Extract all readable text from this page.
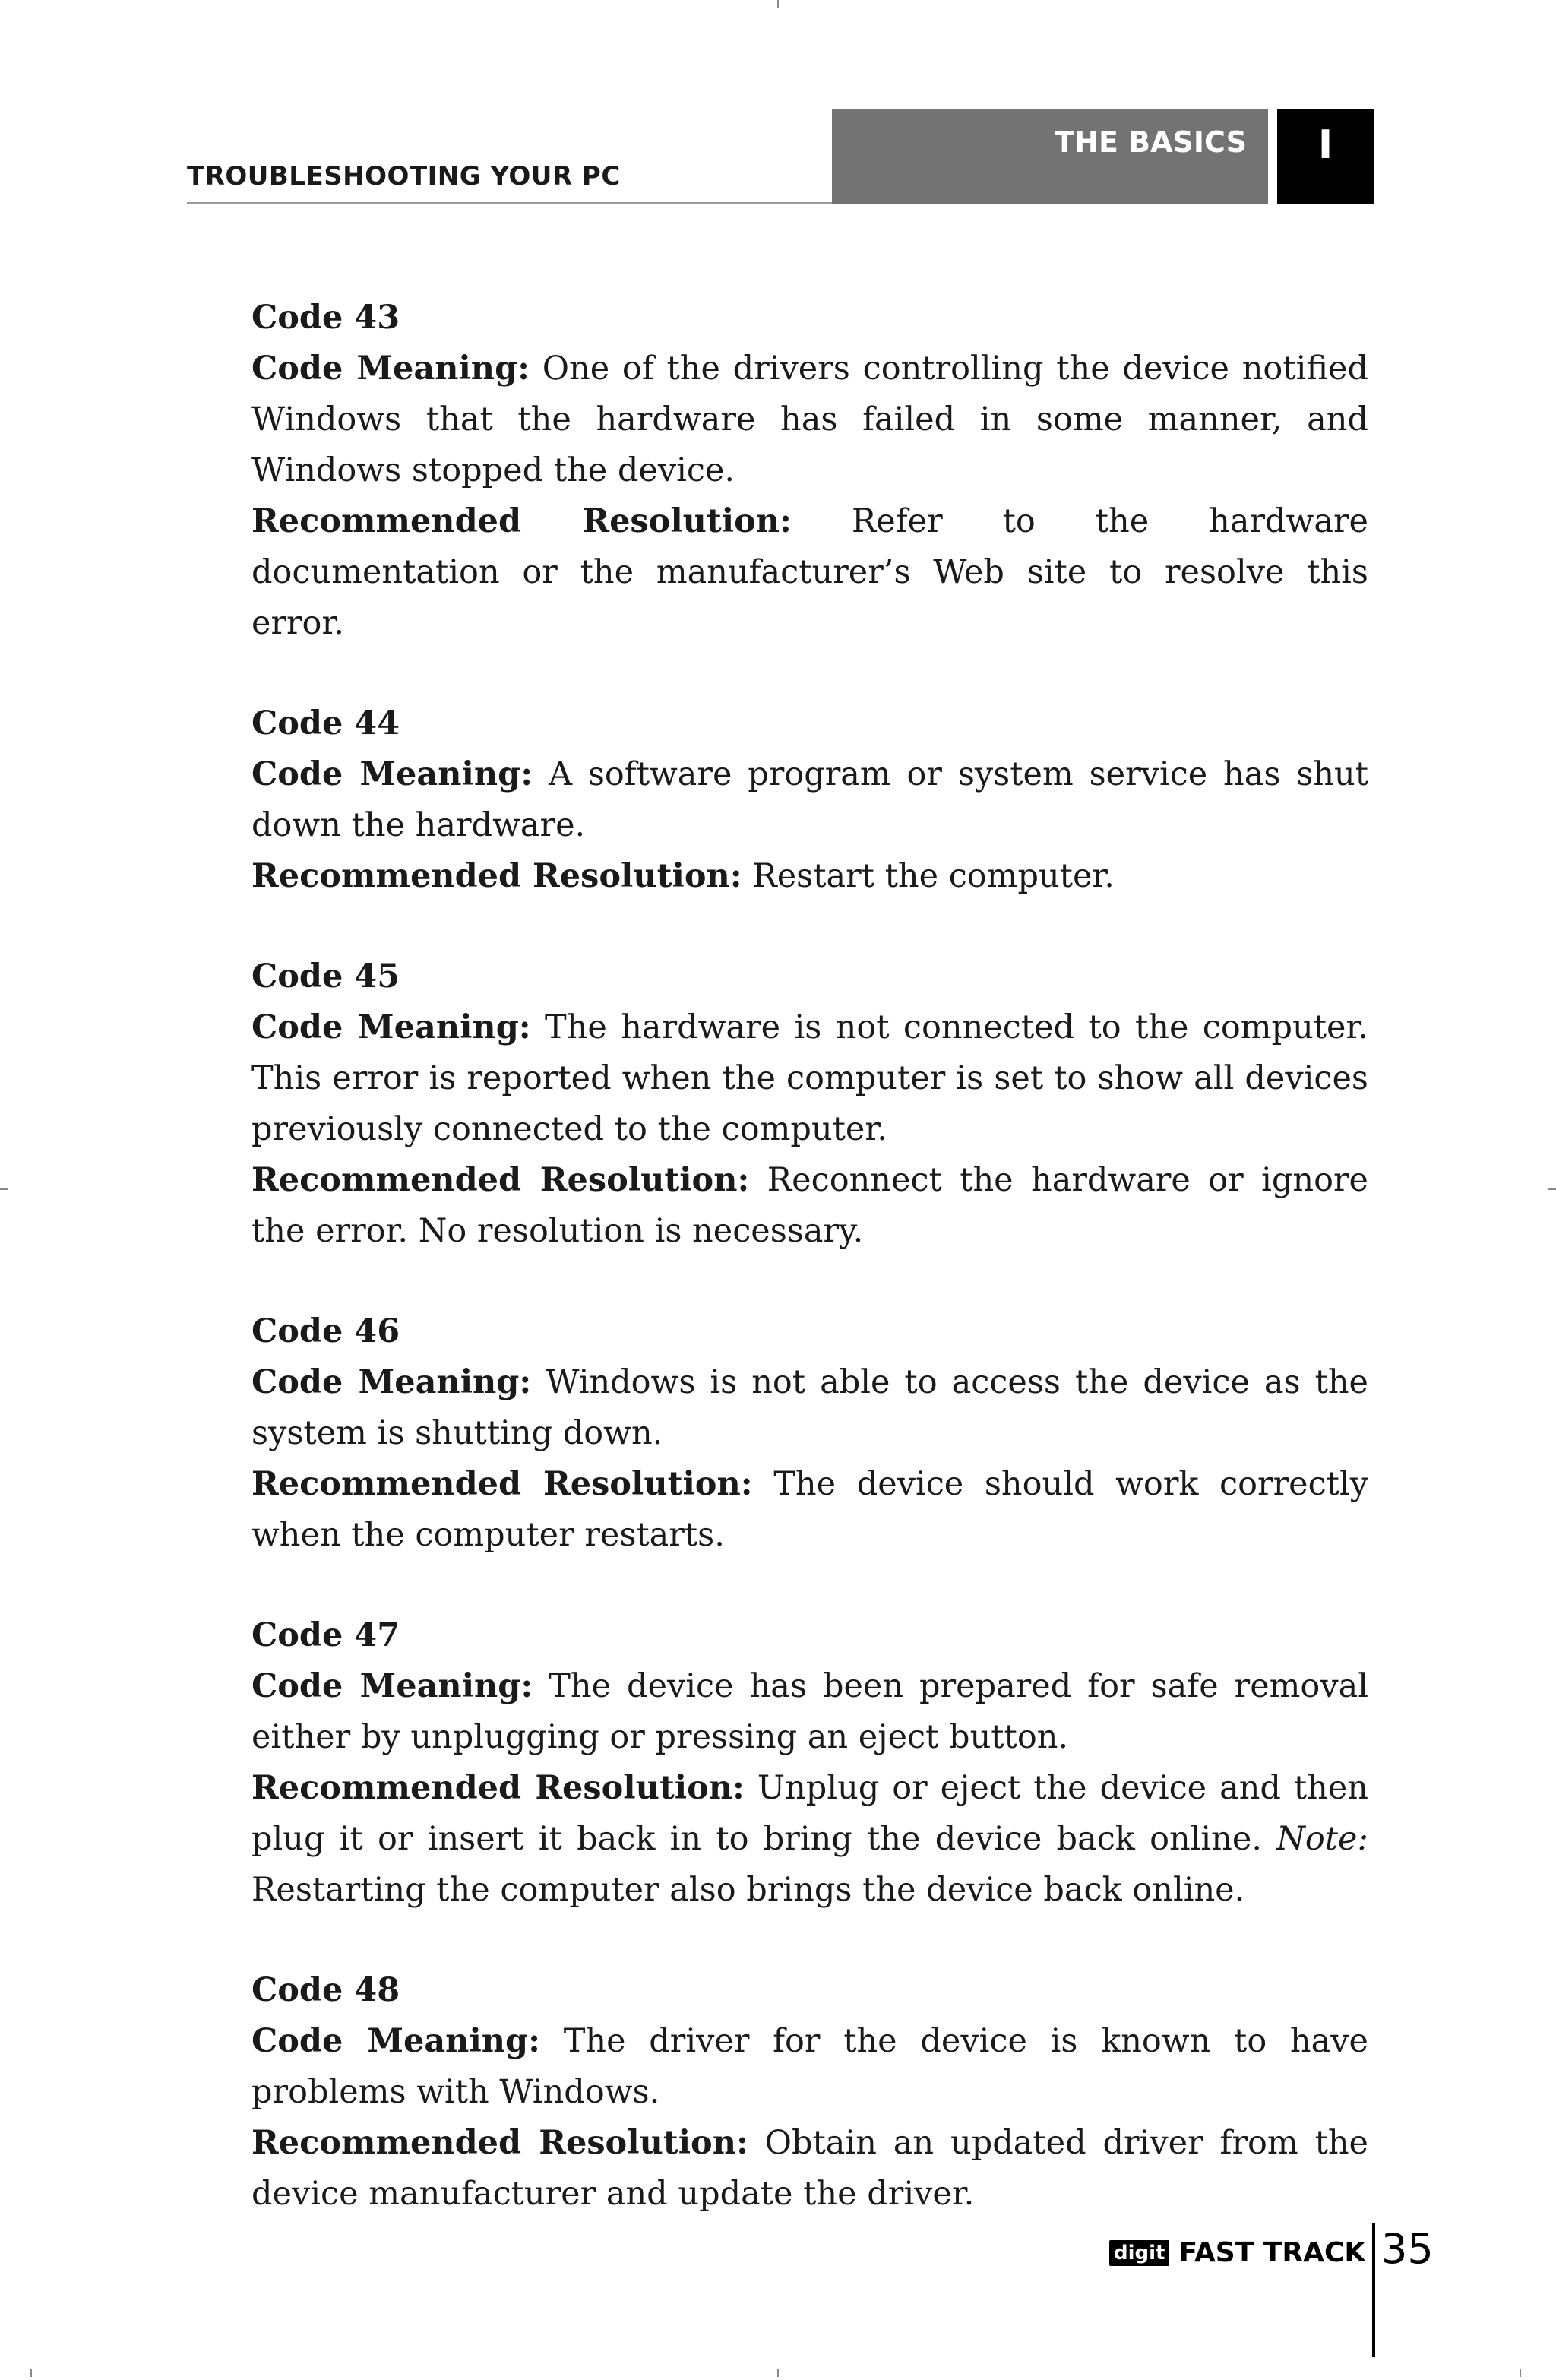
TROUBLESHOOTING YOUR PC
THE BASICS	I
Code 43

Code Meaning: One of the drivers controlling the device notified Windows that the hardware has failed in some manner, and Windows stopped the device.

Recommended Resolution: Refer to the hardware documentation or the manufacturer’s Web site to resolve this error.

Code 44

Code Meaning: A software program or system service has shut down the hardware.

Recommended Resolution: Restart the computer.

Code 45

Code Meaning: The hardware is not connected to the computer. This error is reported when the computer is set to show all devices previously connected to the computer.

Recommended Resolution: Reconnect the hardware or ignore the error. No resolution is necessary.

Code 46

Code Meaning: Windows is not able to access the device as the system is shutting down.

Recommended Resolution: The device should work correctly when the computer restarts.

Code 47

Code Meaning: The device has been prepared for safe removal either by unplugging or pressing an eject button.

Recommended Resolution: Unplug or eject the device and then plug it or insert it back in to bring the device back online. Note: Restarting the computer also brings the device back online.

Code 48

Code Meaning: The driver for the device is known to have problems with Windows.

Recommended Resolution: Obtain an updated driver from the device manufacturer and update the driver.

digit FAST TRACK 35
